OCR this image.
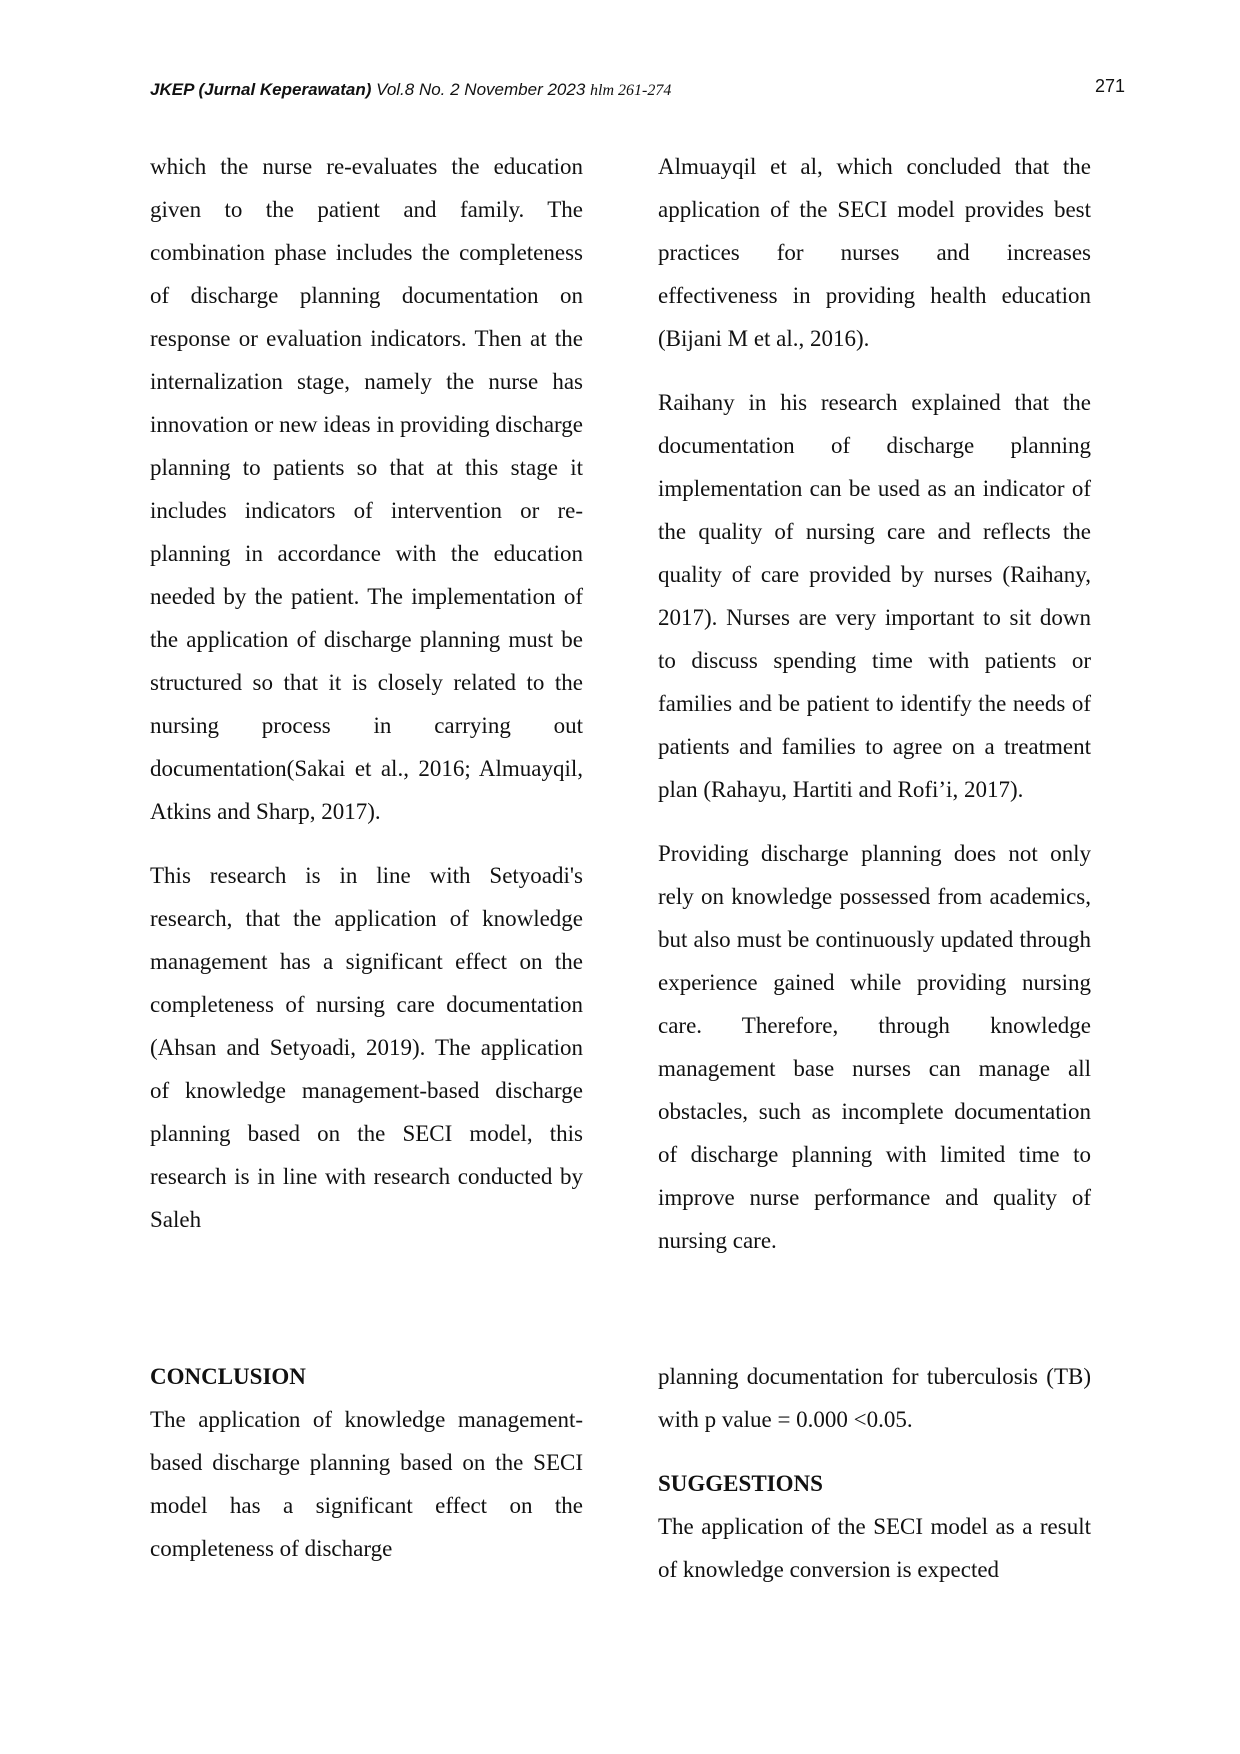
JKEP (Jurnal Keperawatan) Vol.8 No. 2 November 2023 hlm 261-274	271

which the nurse re-evaluates the education given to the patient and family. The combination phase includes the completeness of discharge planning documentation on response or evaluation indicators. Then at the internalization stage, namely the nurse has innovation or new ideas in providing discharge planning to patients so that at this stage it includes indicators of intervention or re-planning in accordance with the education needed by the patient. The implementation of the application of discharge planning must be structured so that it is closely related to the nursing process in carrying out documentation(Sakai et al., 2016; Almuayqil, Atkins and Sharp, 2017).

This research is in line with Setyoadi's research, that the application of knowledge management has a significant effect on the completeness of nursing care documentation (Ahsan and Setyoadi, 2019). The application of knowledge management-based discharge planning based on the SECI model, this research is in line with research conducted by Saleh

Almuayqil et al, which concluded that the application of the SECI model provides best practices for nurses and increases effectiveness in providing health education (Bijani M et al., 2016).

Raihany in his research explained that the documentation of discharge planning implementation can be used as an indicator of the quality of nursing care and reflects the quality of care provided by nurses (Raihany, 2017). Nurses are very important to sit down to discuss spending time with patients or families and be patient to identify the needs of patients and families to agree on a treatment plan (Rahayu, Hartiti and Rofi’i, 2017).

Providing discharge planning does not only rely on knowledge possessed from academics, but also must be continuously updated through experience gained while providing nursing care. Therefore, through knowledge management base nurses can manage all obstacles, such as incomplete documentation of discharge planning with limited time to improve nurse performance and quality of nursing care.

CONCLUSION

The application of knowledge management-based discharge planning based on the SECI model has a significant effect on the completeness of discharge

planning documentation for tuberculosis (TB) with p value = 0.000 <0.05.

SUGGESTIONS

The application of the SECI model as a result of knowledge conversion is expected
